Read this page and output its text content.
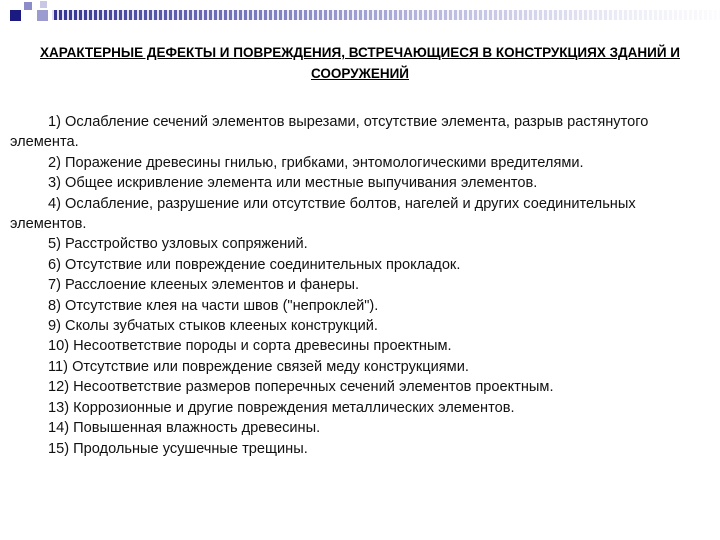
ХАРАКТЕРНЫЕ ДЕФЕКТЫ И ПОВРЕЖДЕНИЯ, ВСТРЕЧАЮЩИЕСЯ В КОНСТРУКЦИЯХ ЗДАНИЙ И СООРУЖЕНИЙ

1) Ослабление сечений элементов вырезами, отсутствие элемента, разрыв растянутого элемента.

2) Поражение древесины гнилью, грибками, энтомологическими вредителями.

3) Общее искривление элемента или местные выпучивания элементов.

4) Ослабление, разрушение или отсутствие болтов, нагелей и других соединительных элементов.

5) Расстройство узловых сопряжений.

6) Отсутствие или повреждение соединительных прокладок.

7) Расслоение клееных элементов и фанеры.

8) Отсутствие клея на части швов ("непроклей").

9) Сколы зубчатых стыков клееных конструкций.

10) Несоответствие породы и сорта древесины проектным.

11) Отсутствие или повреждение связей меду конструкциями.

12) Несоответствие размеров поперечных сечений элементов проектным.

13) Коррозионные и другие повреждения металлических элементов.

14) Повышенная влажность древесины.

15) Продольные усушечные трещины.
